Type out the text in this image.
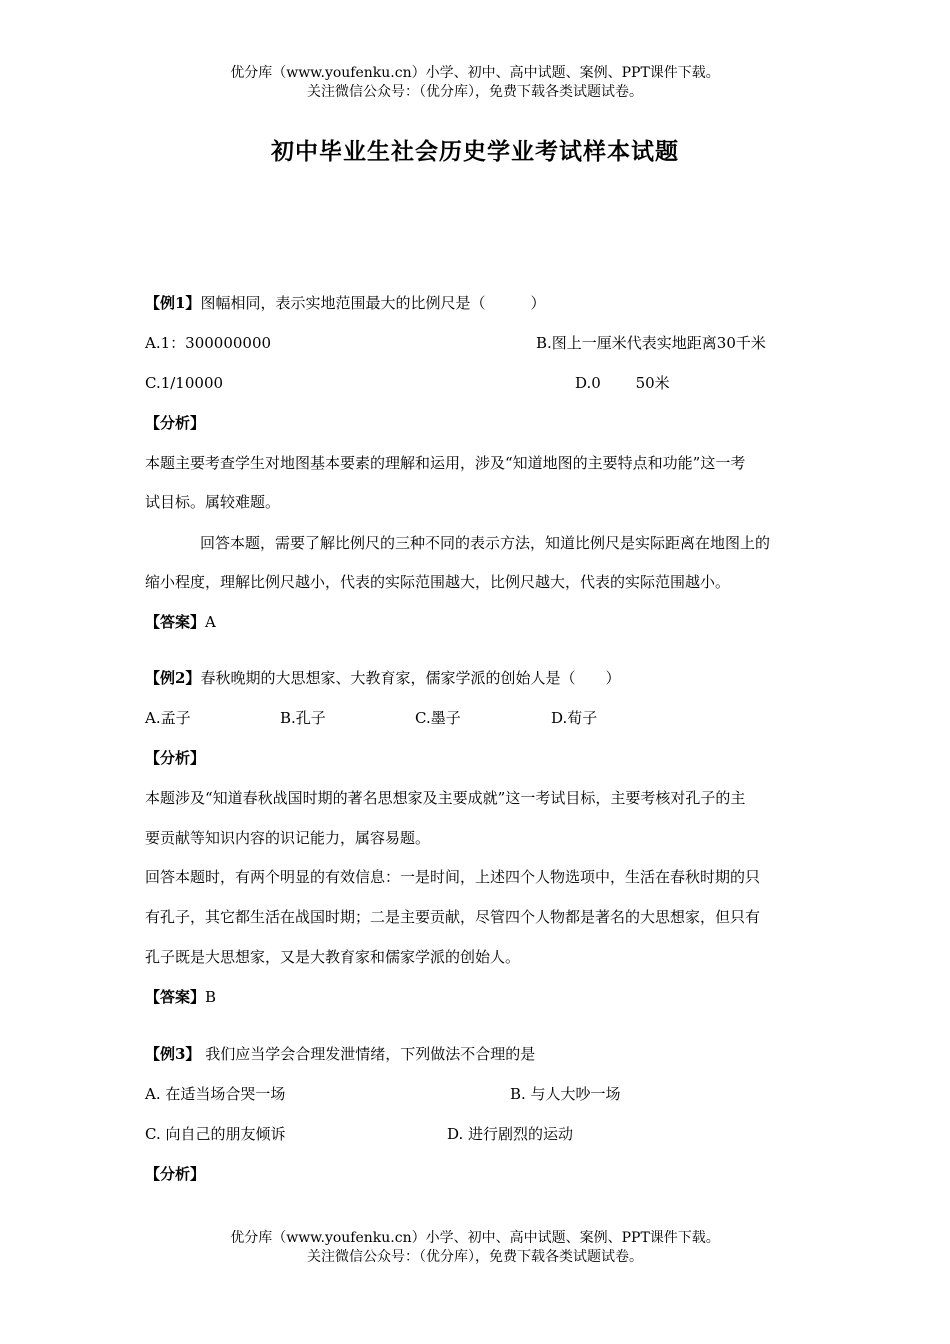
优分库（www.youfenku.cn）小学、初中、高中试题、案例、PPT课件下载。
关注微信公众号：（优分库），免费下载各类试题试卷。
初中毕业生社会历史学业考试样本试题
【例1】图幅相同，表示实地范围最大的比例尺是（　　　）
A.1：300000000	B.图上一厘米代表实地距离30千米
C.1/10000	D.0　　 50米
【分析】
本题主要考查学生对地图基本要素的理解和运用，涉及“知道地图的主要特点和功能”这一考
试目标。属较难题。
回答本题，需要了解比例尺的三种不同的表示方法，知道比例尺是实际距离在地图上的
缩小程度，理解比例尺越小，代表的实际范围越大，比例尺越大，代表的实际范围越小。
【答案】A
【例2】春秋晚期的大思想家、大教育家，儒家学派的创始人是（　　）
A.孟子	B.孔子	C.墨子	D.荀子
【分析】
本题涉及“知道春秋战国时期的著名思想家及主要成就”这一考试目标，主要考核对孔子的主
要贡献等知识内容的识记能力，属容易题。
回答本题时，有两个明显的有效信息：一是时间，上述四个人物选项中，生活在春秋时期的只
有孔子，其它都生活在战国时期；二是主要贡献，尽管四个人物都是著名的大思想家，但只有
孔子既是大思想家，又是大教育家和儒家学派的创始人。
【答案】B
【例3】 我们应当学会合理发泄情绪，下列做法不合理的是
A. 在适当场合哭一场	B. 与人大吵一场
C. 向自己的朋友倾诉	D. 进行剧烈的运动
【分析】
优分库（www.youfenku.cn）小学、初中、高中试题、案例、PPT课件下载。
关注微信公众号：（优分库），免费下载各类试题试卷。
